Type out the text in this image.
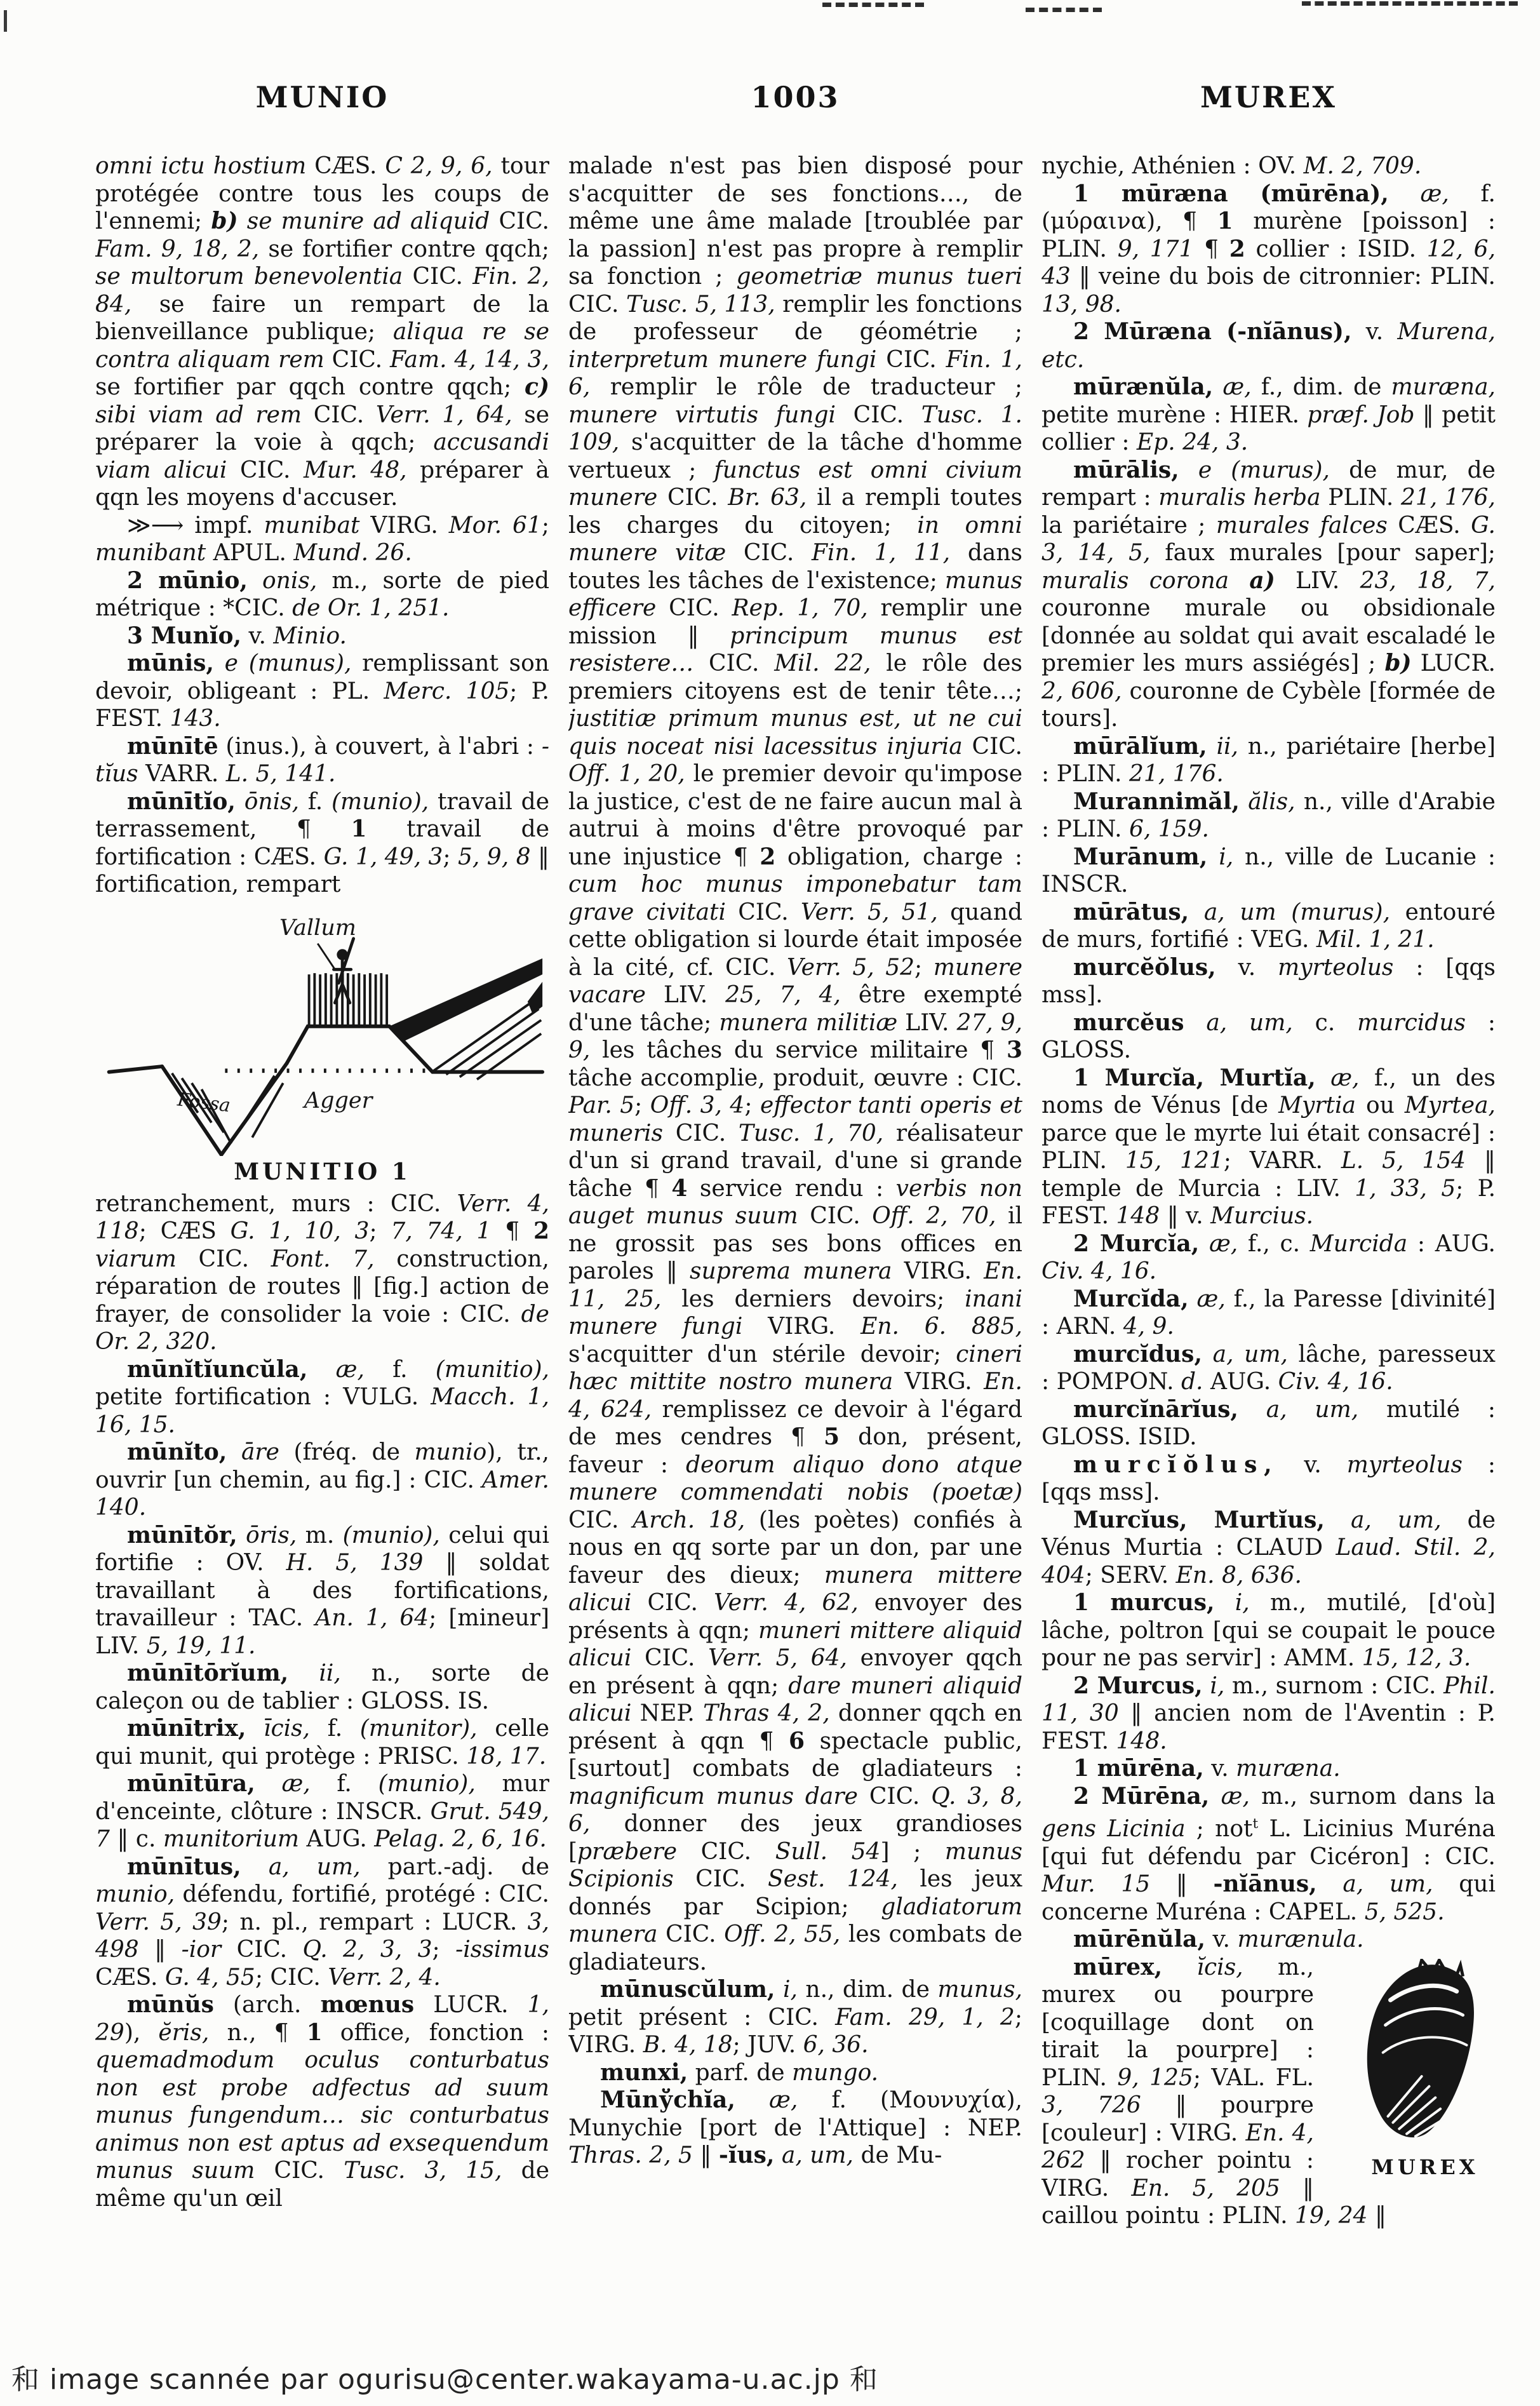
MUNIO	1003	MUREX

omni ictu hostium CÆS. C 2, 9, 6, tour protégée contre tous les coups de l'ennemi; b) se munire ad aliquid CIC. Fam. 9, 18, 2, se fortifier contre qqch; se multorum benevolentia CIC. Fin. 2, 84, se faire un rempart de la bienveillance publique; aliqua re se contra aliquam rem CIC. Fam. 4, 14, 3, se fortifier par qqch contre qqch; c) sibi viam ad rem CIC. Verr. 1, 64, se préparer la voie à qqch; accusandi viam alicui CIC. Mur. 48, préparer à qqn les moyens d'accuser.

≫⟶ impf. munibat VIRG. Mor. 61; munibant APUL. Mund. 26.

2 mūnio, onis, m., sorte de pied métrique : *CIC. de Or. 1, 251.

3 Munĭo, v. Minio.

mūnis, e (munus), remplissant son devoir, obligeant : PL. Merc. 105; P. FEST. 143.

mūnītē (inus.), à couvert, à l'abri : -tĭus VARR. L. 5, 141.

mūnītĭo, ōnis, f. (munio), travail de terrassement, ¶ 1 travail de fortification : CÆS. G. 1, 49, 3; 5, 9, 8 ‖ fortification, rempart

Vallum
Fossa	Agger
MUNITIO 1

retranchement, murs : CIC. Verr. 4, 118; CÆS G. 1, 10, 3; 7, 74, 1 ¶ 2 viarum CIC. Font. 7, construction, réparation de routes ‖ [fig.] action de frayer, de consolider la voie : CIC. de Or. 2, 320.

mūnĭtĭuncŭla, æ, f. (munitio), petite fortification : VULG. Macch. 1, 16, 15.

mūnĭto, āre (fréq. de munio), tr., ouvrir [un chemin, au fig.] : CIC. Amer. 140.

mūnītŏr, ōris, m. (munio), celui qui fortifie : OV. H. 5, 139 ‖ soldat travaillant à des fortifications, travailleur : TAC. An. 1, 64; [mineur] LIV. 5, 19, 11.

mūnītōrĭum, ii, n., sorte de caleçon ou de tablier : GLOSS. IS.

mūnītrix, īcis, f. (munitor), celle qui munit, qui protège : PRISC. 18, 17.

mūnītūra, æ, f. (munio), mur d'enceinte, clôture : INSCR. Grut. 549, 7 ‖ c. munitorium AUG. Pelag. 2, 6, 16.

mūnītus, a, um, part.-adj. de munio, défendu, fortifié, protégé : CIC. Verr. 5, 39; n. pl., rempart : LUCR. 3, 498 ‖ -ior CIC. Q. 2, 3, 3; -issimus CÆS. G. 4, 55; CIC. Verr. 2, 4.

mūnŭs (arch. mœnus LUCR. 1, 29), ĕris, n., ¶ 1 office, fonction : quemadmodum oculus conturbatus non est probe adfectus ad suum munus fungendum… sic conturbatus animus non est aptus ad exsequendum munus suum CIC. Tusc. 3, 15, de même qu'un œil

malade n'est pas bien disposé pour s'acquitter de ses fonctions…, de même une âme malade [troublée par la passion] n'est pas propre à remplir sa fonction ; geometriæ munus tueri CIC. Tusc. 5, 113, remplir les fonctions de professeur de géométrie ; interpretum munere fungi CIC. Fin. 1, 6, remplir le rôle de traducteur ; munere virtutis fungi CIC. Tusc. 1. 109, s'acquitter de la tâche d'homme vertueux ; functus est omni civium munere CIC. Br. 63, il a rempli toutes les charges du citoyen; in omni munere vitæ CIC. Fin. 1, 11, dans toutes les tâches de l'existence; munus efficere CIC. Rep. 1, 70, remplir une mission ‖ principum munus est resistere… CIC. Mil. 22, le rôle des premiers citoyens est de tenir tête…; justitiæ primum munus est, ut ne cui quis noceat nisi lacessitus injuria CIC. Off. 1, 20, le premier devoir qu'impose la justice, c'est de ne faire aucun mal à autrui à moins d'être provoqué par une injustice ¶ 2 obligation, charge : cum hoc munus imponebatur tam grave civitati CIC. Verr. 5, 51, quand cette obligation si lourde était imposée à la cité, cf. CIC. Verr. 5, 52; munere vacare LIV. 25, 7, 4, être exempté d'une tâche; munera militiæ LIV. 27, 9, 9, les tâches du service militaire ¶ 3 tâche accomplie, produit, œuvre : CIC. Par. 5; Off. 3, 4; effector tanti operis et muneris CIC. Tusc. 1, 70, réalisateur d'un si grand travail, d'une si grande tâche ¶ 4 service rendu : verbis non auget munus suum CIC. Off. 2, 70, il ne grossit pas ses bons offices en paroles ‖ suprema munera VIRG. En. 11, 25, les derniers devoirs; inani munere fungi VIRG. En. 6. 885, s'acquitter d'un stérile devoir; cineri hæc mittite nostro munera VIRG. En. 4, 624, remplissez ce devoir à l'égard de mes cendres ¶ 5 don, présent, faveur : deorum aliquo dono atque munere commendati nobis (poetæ) CIC. Arch. 18, (les poètes) confiés à nous en qq sorte par un don, par une faveur des dieux; munera mittere alicui CIC. Verr. 4, 62, envoyer des présents à qqn; muneri mittere aliquid alicui CIC. Verr. 5, 64, envoyer qqch en présent à qqn; dare muneri aliquid alicui NEP. Thras 4, 2, donner qqch en présent à qqn ¶ 6 spectacle public, [surtout] combats de gladiateurs : magnificum munus dare CIC. Q. 3, 8, 6, donner des jeux grandioses [præbere CIC. Sull. 54] ; munus Scipionis CIC. Sest. 124, les jeux donnés par Scipion; gladiatorum munera CIC. Off. 2, 55, les combats de gladiateurs.

mūnuscŭlum, i, n., dim. de munus, petit présent : CIC. Fam. 29, 1, 2; VIRG. B. 4, 18; JUV. 6, 36.

munxi, parf. de mungo.

Mūnўchĭa, æ, f. (Μουνυχία), Munychie [port de l'Attique] : NEP. Thras. 2, 5 ‖ -ĭus, a, um, de Mu-

nychie, Athénien : OV. M. 2, 709.

1 mūræna (mūrēna), æ, f. (μύραινα), ¶ 1 murène [poisson] : PLIN. 9, 171 ¶ 2 collier : ISID. 12, 6, 43 ‖ veine du bois de citronnier: PLIN. 13, 98.

2 Mūræna (-nĭānus), v. Murena, etc.

mūrænŭla, æ, f., dim. de muræna, petite murène : HIER. præf. Job ‖ petit collier : Ep. 24, 3.

mūrālis, e (murus), de mur, de rempart : muralis herba PLIN. 21, 176, la pariétaire ; murales falces CÆS. G. 3, 14, 5, faux murales [pour saper]; muralis corona a) LIV. 23, 18, 7, couronne murale ou obsidionale [donnée au soldat qui avait escaladé le premier les murs assiégés] ; b) LUCR. 2, 606, couronne de Cybèle [formée de tours].

mūrālĭum, ii, n., pariétaire [herbe] : PLIN. 21, 176.

Murannimăl, ălis, n., ville d'Arabie : PLIN. 6, 159.

Murānum, i, n., ville de Lucanie : INSCR.

mūrātus, a, um (murus), entouré de murs, fortifié : VEG. Mil. 1, 21.

murcĕŏlus, v. myrteolus : [qqs mss].

murcĕus a, um, c. murcidus : GLOSS.

1 Murcĭa, Murtĭa, æ, f., un des noms de Vénus [de Myrtia ou Myrtea, parce que le myrte lui était consacré] : PLIN. 15, 121; VARR. L. 5, 154 ‖ temple de Murcia : LIV. 1, 33, 5; P. FEST. 148 ‖ v. Murcius.

2 Murcĭa, æ, f., c. Murcida : AUG. Civ. 4, 16.

Murcĭda, æ, f., la Paresse [divinité] : ARN. 4, 9.

murcĭdus, a, um, lâche, paresseux : POMPON. d. AUG. Civ. 4, 16.

murcĭnārĭus, a, um, mutilé : GLOSS. ISID.

murcĭŏlus, v. myrteolus : [qqs mss].

Murcĭus, Murtĭus, a, um, de Vénus Murtia : CLAUD Laud. Stil. 2, 404; SERV. En. 8, 636.

1 murcus, i, m., mutilé, [d'où] lâche, poltron [qui se coupait le pouce pour ne pas servir] : AMM. 15, 12, 3.

2 Murcus, i, m., surnom : CIC. Phil. 11, 30 ‖ ancien nom de l'Aventin : P. FEST. 148.

1 mūrēna, v. muræna.

2 Mūrēna, æ, m., surnom dans la gens Licinia ; not$^t$ L. Licinius Muréna [qui fut défendu par Cicéron] : CIC. Mur. 15 ‖ -nĭānus, a, um, qui concerne Muréna : CAPEL. 5, 525.

mūrēnŭla, v. murænula.

MUREX
mūrex, ĭcis, m., murex ou pourpre [coquillage dont on tirait la pourpre] : PLIN. 9, 125; VAL. FL. 3, 726 ‖ pourpre [couleur] : VIRG. En. 4, 262 ‖ rocher pointu : VIRG. En. 5, 205 ‖ caillou pointu : PLIN. 19, 24 ‖

和 image scannée par ogurisu@center.wakayama-u.ac.jp 和
